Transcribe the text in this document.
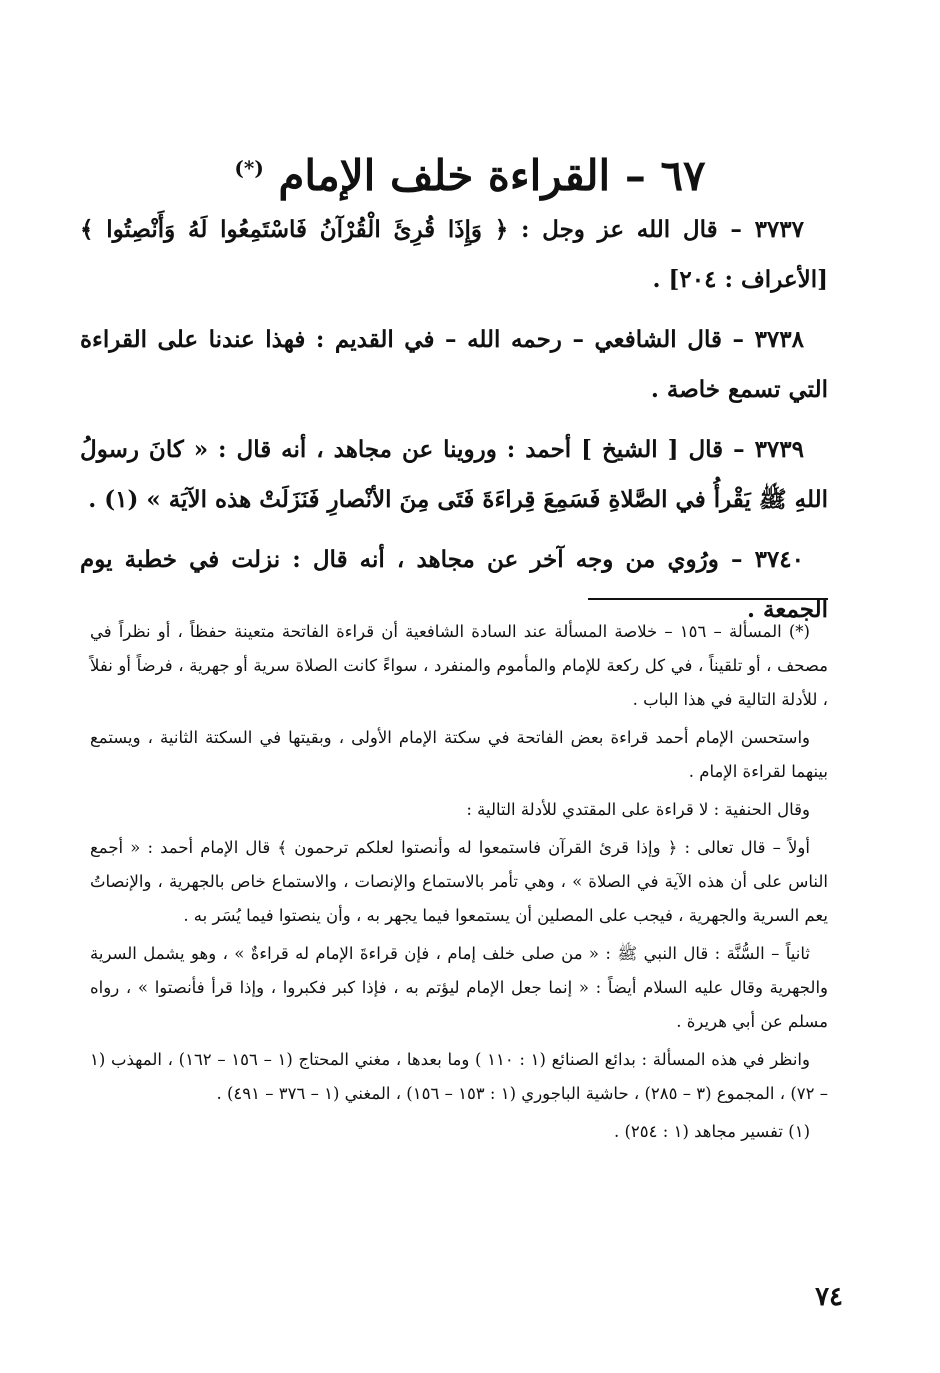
٦٧ – القراءة خلف الإمام (*)

٣٧٣٧ – قال الله عز وجل : ﴿ وَإِذَا قُرِئَ الْقُرْآنُ فَاسْتَمِعُوا لَهُ وَأَنْصِتُوا ﴾ [الأعراف : ٢٠٤] .

٣٧٣٨ – قال الشافعي – رحمه الله – في القديم : فهذا عندنا على القراءة التي تسمع خاصة .

٣٧٣٩ – قال [ الشيخ ] أحمد : وروينا عن مجاهد ، أنه قال : « كانَ رسولُ اللهِ ﷺ يَقْرأُ في الصَّلاةِ فَسَمِعَ قِراءَةَ فَتَى مِنَ الأنْصارِ فَنَزَلَتْ هذه الآيَة » (١) .

٣٧٤٠ – ورُوي من وجه آخر عن مجاهد ، أنه قال : نزلت في خطبة يوم الجمعة .

(*) المسألة – ١٥٦ – خلاصة المسألة عند السادة الشافعية أن قراءة الفاتحة متعينة حفظاً ، أو نظراً في مصحف ، أو تلقيناً ، في كل ركعة للإمام والمأموم والمنفرد ، سواءً كانت الصلاة سرية أو جهرية ، فرضاً أو نفلاً ، للأدلة التالية في هذا الباب .

واستحسن الإمام أحمد قراءة بعض الفاتحة في سكتة الإمام الأولى ، وبقيتها في السكتة الثانية ، ويستمع بينهما لقراءة الإمام .

وقال الحنفية : لا قراءة على المقتدي للأدلة التالية :

أولاً – قال تعالى : ﴿ وإذا قرئ القرآن فاستمعوا له وأنصتوا لعلكم ترحمون ﴾ قال الإمام أحمد : « أجمع الناس على أن هذه الآية في الصلاة » ، وهي تأمر بالاستماع والإنصات ، والاستماع خاص بالجهرية ، والإنصاتُ يعم السرية والجهرية ، فيجب على المصلين أن يستمعوا فيما يجهر به ، وأن ينصتوا فيما يُسَر به .

ثانياً – السُّنَّة : قال النبي ﷺ : « من صلى خلف إمام ، فإن قراءةَ الإمام له قراءةٌ » ، وهو يشمل السرية والجهرية وقال عليه السلام أيضاً : « إنما جعل الإمام ليؤتم به ، فإذا كبر فكبروا ، وإذا قرأ فأنصتوا » ، رواه مسلم عن أبي هريرة .

وانظر في هذه المسألة : بدائع الصنائع (١ : ١١٠ ) وما بعدها ، مغني المحتاج (١ – ١٥٦ – ١٦٢) ، المهذب (١ – ٧٢) ، المجموع (٣ – ٢٨٥) ، حاشية الباجوري (١ : ١٥٣ – ١٥٦) ، المغني (١ – ٣٧٦ – ٤٩١) .

(١) تفسير مجاهد (١ : ٢٥٤) .

٧٤
